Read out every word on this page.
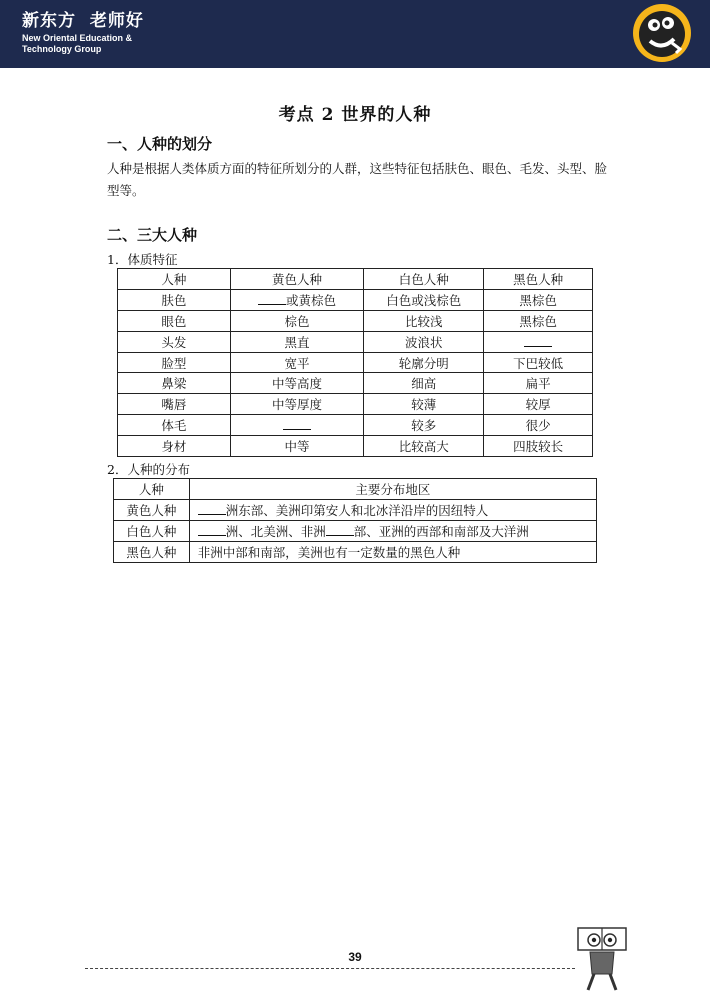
新东方  老师好
New Oriental Education & Technology Group
考点 2 世界的人种
一、人种的划分
人种是根据人类体质方面的特征所划分的人群，这些特征包括肤色、眼色、毛发、头型、脸型等。
二、三大人种
1．体质特征
人种	黄色人种	白色人种	黑色人种
肤色	或黄棕色	白色或浅棕色	黑棕色
眼色	棕色	比较浅	黑棕色
头发	黑直	波浪状	
脸型	宽平	轮廓分明	下巴较低
鼻梁	中等高度	细高	扁平
嘴唇	中等厚度	较薄	较厚
体毛		较多	很少
身材	中等	比较高大	四肢较长
2．人种的分布
人种	主要分布地区
黄色人种	洲东部、美洲印第安人和北冰洋沿岸的因纽特人
白色人种	洲、北美洲、非洲 部、亚洲的西部和南部及大洋洲
黑色人种	非洲中部和南部，美洲也有一定数量的黑色人种
39
